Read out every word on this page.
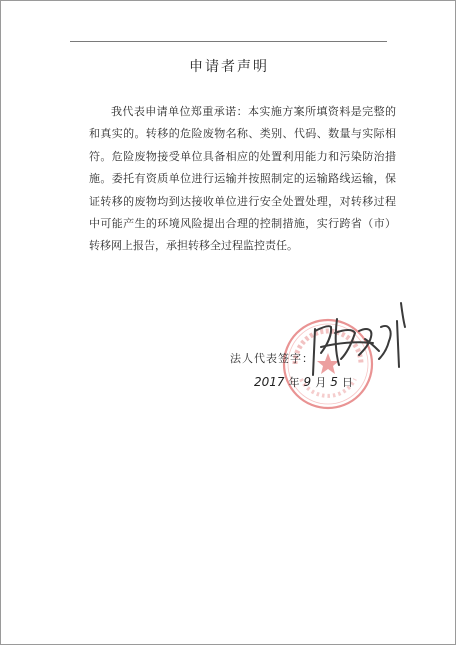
申请者声明

我代表申请单位郑重承诺：本实施方案所填资料是完整的和真实的。转移的危险废物名称、类别、代码、数量与实际相符。危险废物接受单位具备相应的处置利用能力和污染防治措施。委托有资质单位进行运输并按照制定的运输路线运输，保证转移的废物均到达接收单位进行安全处置处理，对转移过程中可能产生的环境风险提出合理的控制措施，实行跨省（市）转移网上报告，承担转移全过程监控责任。

法人代表签字：
2017 年 9 月 5 日
